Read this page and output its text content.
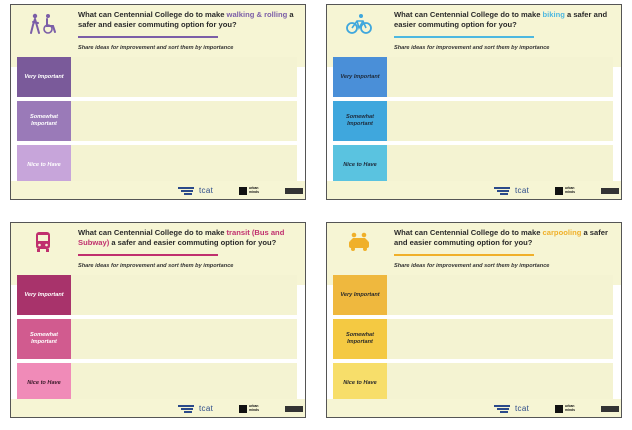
What can Centennial College do to make walking & rolling a safer and easier commuting option for you?
Share ideas for improvement and sort them by importance
Very Important
Somewhat Important
Nice to Have
tcat	urban
minds
What can Centennial College do to make biking a safer and easier commuting option for you?
Share ideas for improvement and sort them by importance
Very Important
Somewhat Important
Nice to Have
tcat	urban
minds
What can Centennial College do to make transit (Bus and Subway) a safer and easier commuting option for you?
Share ideas for improvement and sort them by importance
Very Important
Somewhat Important
Nice to Have
tcat	urban
minds
What can Centennial College do to make carpooling a safer and easier commuting option for you?
Share ideas for improvement and sort them by importance
Very Important
Somewhat Important
Nice to Have
tcat	urban
minds
